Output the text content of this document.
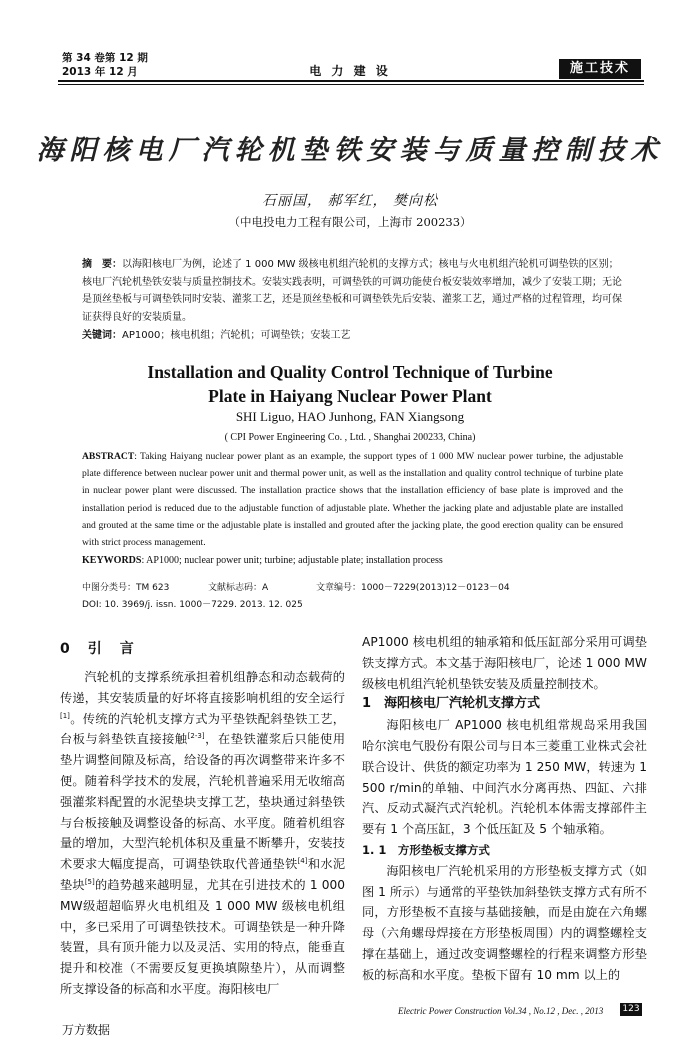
第 34 卷第 12 期
2013 年 12 月	电 力 建 设	施工技术
海阳核电厂汽轮机垫铁安装与质量控制技术
石丽国， 郝军红， 樊向松
（中电投电力工程有限公司，上海市 200233）
摘　要：以海阳核电厂为例，论述了 1 000 MW 级核电机组汽轮机的支撑方式；核电与火电机组汽轮机可调垫铁的区别；核电厂汽轮机垫铁安装与质量控制技术。安装实践表明，可调垫铁的可调功能使台板安装效率增加，减少了安装工期；无论是顶丝垫板与可调垫铁同时安装、灌浆工艺，还是顶丝垫板和可调垫铁先后安装、灌浆工艺，通过严格的过程管理，均可保证获得良好的安装质量。
关键词：AP1000；核电机组；汽轮机；可调垫铁；安装工艺
Installation and Quality Control Technique of Turbine
Plate in Haiyang Nuclear Power Plant
SHI Liguo, HAO Junhong, FAN Xiangsong
( CPI Power Engineering Co. , Ltd. , Shanghai 200233, China)
ABSTRACT: Taking Haiyang nuclear power plant as an example, the support types of 1 000 MW nuclear power turbine, the adjustable plate difference between nuclear power unit and thermal power unit, as well as the installation and quality control technique of turbine plate in nuclear power plant were discussed. The installation practice shows that the installation efficiency of base plate is improved and the installation period is reduced due to the adjustable function of adjustable plate. Whether the jacking plate and adjustable plate are installed and grouted at the same time or the adjustable plate is installed and grouted after the jacking plate, the good erection quality can be ensured with strict process management.
KEYWORDS: AP1000; nuclear power unit; turbine; adjustable plate; installation process
中图分类号：TM 623	文献标志码：A	文章编号：1000－7229(2013)12－0123－04
DOI: 10. 3969/j. issn. 1000－7229. 2013. 12. 025
0　引　言

汽轮机的支撑系统承担着机组静态和动态载荷的传递，其安装质量的好坏将直接影响机组的安全运行[1]。传统的汽轮机支撑方式为平垫铁配斜垫铁工艺，台板与斜垫铁直接接触[2-3]，在垫铁灌浆后只能使用垫片调整间隙及标高，给设备的再次调整带来许多不便。随着科学技术的发展，汽轮机普遍采用无收缩高强灌浆料配置的水泥垫块支撑工艺，垫块通过斜垫铁与台板接触及调整设备的标高、水平度。随着机组容量的增加，大型汽轮机体积及重量不断攀升，安装技术要求大幅度提高，可调垫铁取代普通垫铁[4]和水泥垫块[5]的趋势越来越明显，尤其在引进技术的 1 000 MW级超超临界火电机组及 1 000 MW 级核电机组中，多已采用了可调垫铁技术。可调垫铁是一种升降装置，具有顶升能力以及灵活、实用的特点，能垂直提升和校准（不需要反复更换填隙垫片），从而调整所支撑设备的标高和水平度。海阳核电厂

AP1000 核电机组的轴承箱和低压缸部分采用可调垫铁支撑方式。本文基于海阳核电厂，论述 1 000 MW 级核电机组汽轮机垫铁安装及质量控制技术。

1　海阳核电厂汽轮机支撑方式

海阳核电厂 AP1000 核电机组常规岛采用我国哈尔滨电气股份有限公司与日本三菱重工业株式会社联合设计、供货的额定功率为 1 250 MW，转速为 1 500 r/min的单轴、中间汽水分离再热、四缸、六排汽、反动式凝汽式汽轮机。汽轮机本体需支撑部件主要有 1 个高压缸，3 个低压缸及 5 个轴承箱。

1. 1　方形垫板支撑方式

海阳核电厂汽轮机采用的方形垫板支撑方式（如图 1 所示）与通常的平垫铁加斜垫铁支撑方式有所不同，方形垫板不直接与基础接触，而是由旋在六角螺母（六角螺母焊接在方形垫板周围）内的调整螺栓支撑在基础上，通过改变调整螺栓的行程来调整方形垫板的标高和水平度。垫板下留有 10 mm 以上的

Electric Power Construction Vol.34 , No.12 , Dec. , 2013 123
万方数据
